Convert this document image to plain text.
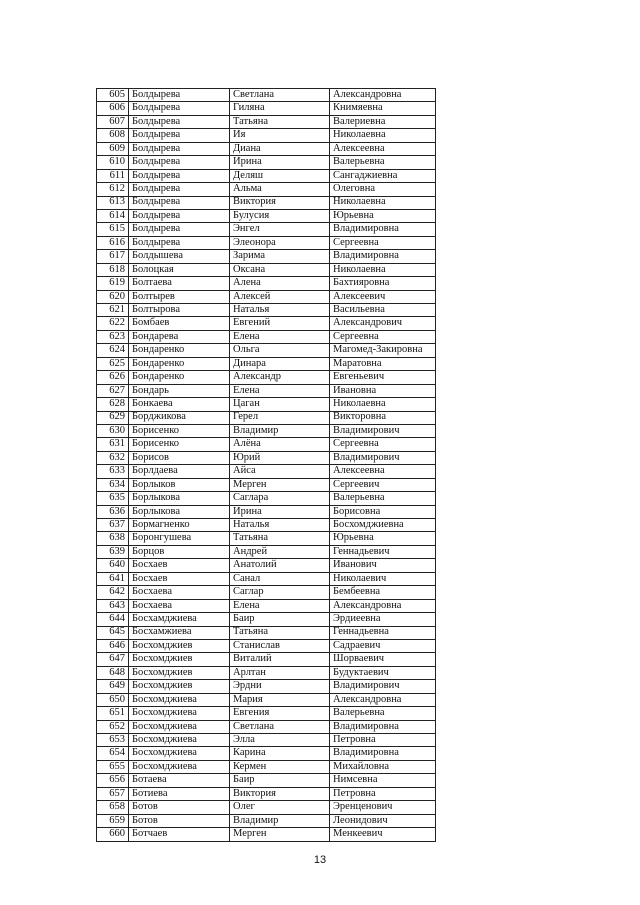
605	Болдырева	Светлана	Александровна
606	Болдырева	Гиляна	Книмяевна
607	Болдырева	Татьяна	Валериевна
608	Болдырева	Ия	Николаевна
609	Болдырева	Диана	Алексеевна
610	Болдырева	Ирина	Валерьевна
611	Болдырева	Деляш	Сангаджиевна
612	Болдырева	Альма	Олеговна
613	Болдырева	Виктория	Николаевна
614	Болдырева	Булусия	Юрьевна
615	Болдырева	Энгел	Владимировна
616	Болдырева	Элеонора	Сергеевна
617	Болдышева	Зарима	Владимировна
618	Болоцкая	Оксана	Николаевна
619	Болтаева	Алена	Бахтияровна
620	Болтырев	Алексей	Алексеевич
621	Болтырова	Наталья	Васильевна
622	Бомбаев	Евгений	Александрович
623	Бондарева	Елена	Сергеевна
624	Бондаренко	Ольга	Магомед-Закировна
625	Бондаренко	Динара	Маратовна
626	Бондаренко	Александр	Евгеньевич
627	Бондарь	Елена	Ивановна
628	Бонкаева	Цаган	Николаевна
629	Борджикова	Герел	Викторовна
630	Борисенко	Владимир	Владимирович
631	Борисенко	Алёна	Сергеевна
632	Борисов	Юрий	Владимирович
633	Борлдаева	Айса	Алексеевна
634	Борлыков	Мерген	Сергеевич
635	Борлыкова	Саглара	Валерьевна
636	Борлыкова	Ирина	Борисовна
637	Бормагненко	Наталья	Босхомджиевна
638	Боронгушева	Татьяна	Юрьевна
639	Борцов	Андрей	Геннадьевич
640	Босхаев	Анатолий	Иванович
641	Босхаев	Санал	Николаевич
642	Босхаева	Саглар	Бембеевна
643	Босхаева	Елена	Александровна
644	Босхамджиева	Баир	Эрдиеевна
645	Босхамжиева	Татьяна	Геннадьевна
646	Босхомджиев	Станислав	Садраевич
647	Босхомджиев	Виталий	Шорваевич
648	Босхомджиев	Арлтан	Будуктаевич
649	Босхомджиев	Эрдни	Владимирович
650	Босхомджиева	Мария	Александровна
651	Босхомджиева	Евгения	Валерьевна
652	Босхомджиева	Светлана	Владимировна
653	Босхомджиева	Элла	Петровна
654	Босхомджиева	Карина	Владимировна
655	Босхомджиева	Кермен	Михайловна
656	Ботаева	Баир	Нимсевна
657	Ботиева	Виктория	Петровна
658	Ботов	Олег	Эренценович
659	Ботов	Владимир	Леонидович
660	Ботчаев	Мерген	Менкеевич
13
